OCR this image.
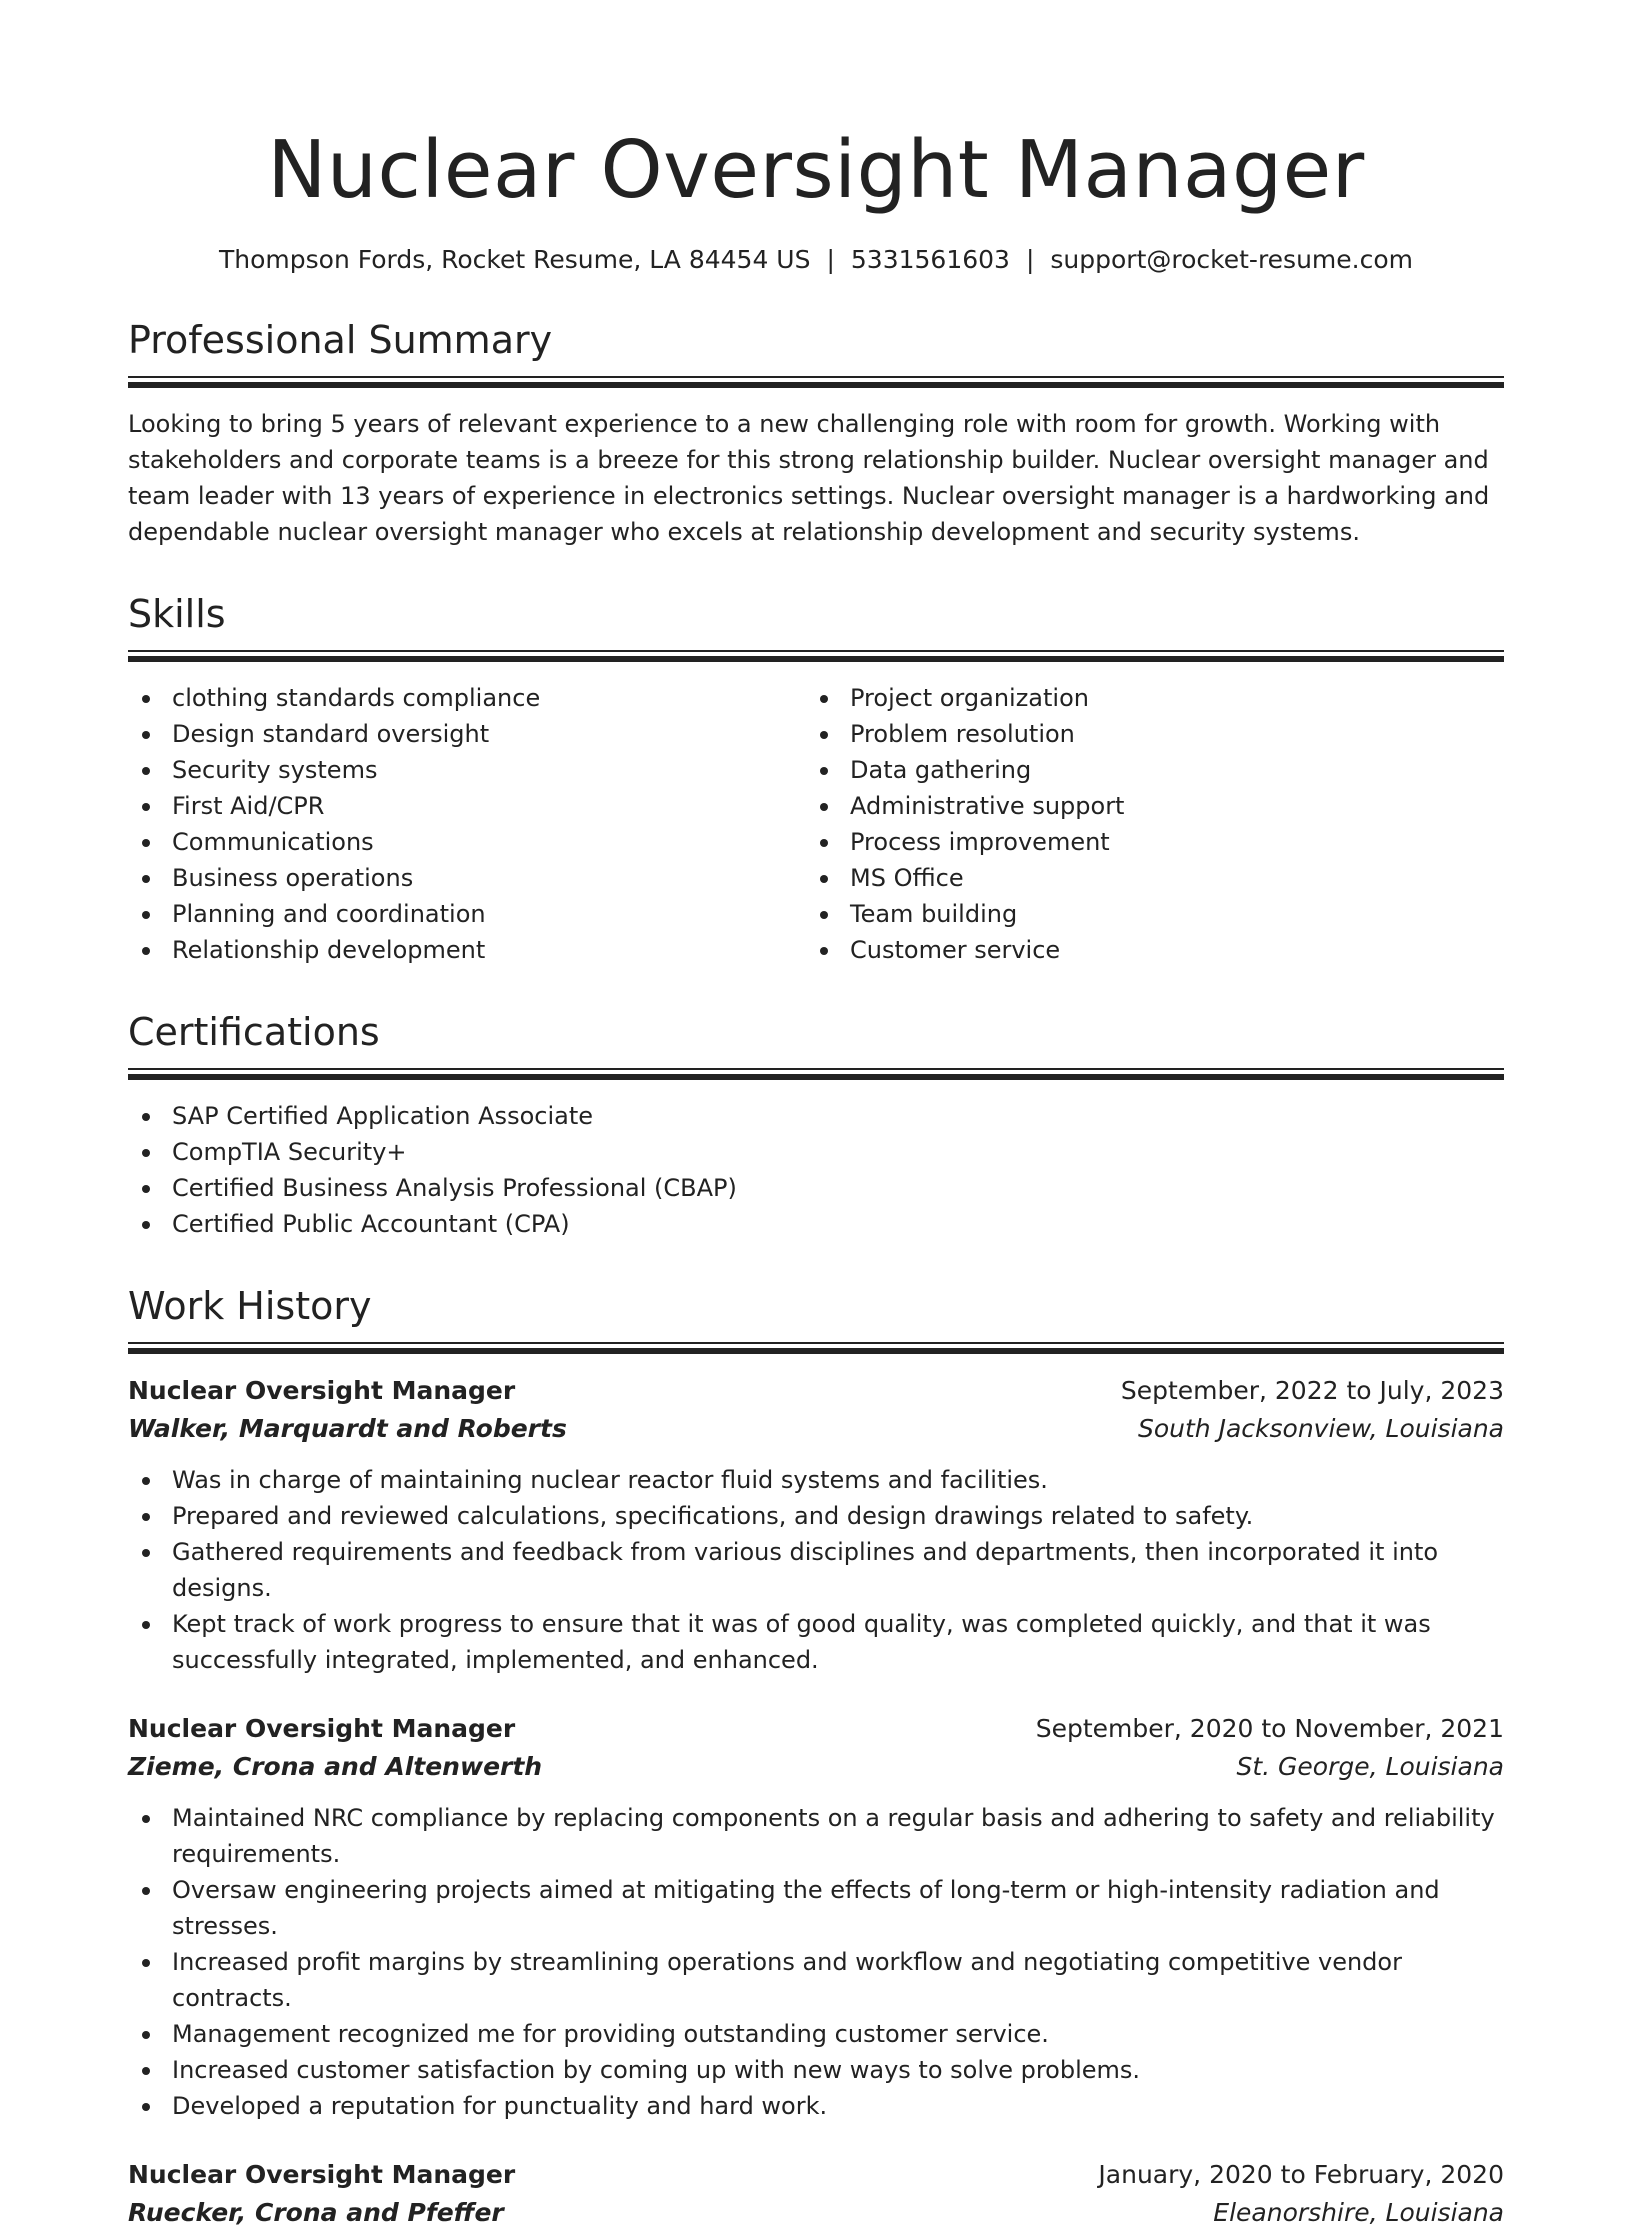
Nuclear Oversight Manager
Thompson Fords, Rocket Resume, LA 84454 US | 5331561603 | support@rocket-resume.com
Professional Summary

Looking to bring 5 years of relevant experience to a new challenging role with room for growth. Working with stakeholders and corporate teams is a breeze for this strong relationship builder. Nuclear oversight manager and team leader with 13 years of experience in electronics settings. Nuclear oversight manager is a hardworking and dependable nuclear oversight manager who excels at relationship development and security systems.

Skills
clothing standards compliance
Design standard oversight
Security systems
First Aid/CPR
Communications
Business operations
Planning and coordination
Relationship development
Project organization
Problem resolution
Data gathering
Administrative support
Process improvement
MS Office
Team building
Customer service
Certifications
SAP Certified Application Associate
CompTIA Security+
Certified Business Analysis Professional (CBAP)
Certified Public Accountant (CPA)
Work History
Nuclear Oversight Manager	September, 2022 to July, 2023
Walker, Marquardt and Roberts	South Jacksonview, Louisiana
Was in charge of maintaining nuclear reactor fluid systems and facilities.
Prepared and reviewed calculations, specifications, and design drawings related to safety.
Gathered requirements and feedback from various disciplines and departments, then incorporated it into designs.
Kept track of work progress to ensure that it was of good quality, was completed quickly, and that it was successfully integrated, implemented, and enhanced.
Nuclear Oversight Manager	September, 2020 to November, 2021
Zieme, Crona and Altenwerth	St. George, Louisiana
Maintained NRC compliance by replacing components on a regular basis and adhering to safety and reliability requirements.
Oversaw engineering projects aimed at mitigating the effects of long-term or high-intensity radiation and stresses.
Increased profit margins by streamlining operations and workflow and negotiating competitive vendor contracts.
Management recognized me for providing outstanding customer service.
Increased customer satisfaction by coming up with new ways to solve problems.
Developed a reputation for punctuality and hard work.
Nuclear Oversight Manager	January, 2020 to February, 2020
Ruecker, Crona and Pfeffer	Eleanorshire, Louisiana
